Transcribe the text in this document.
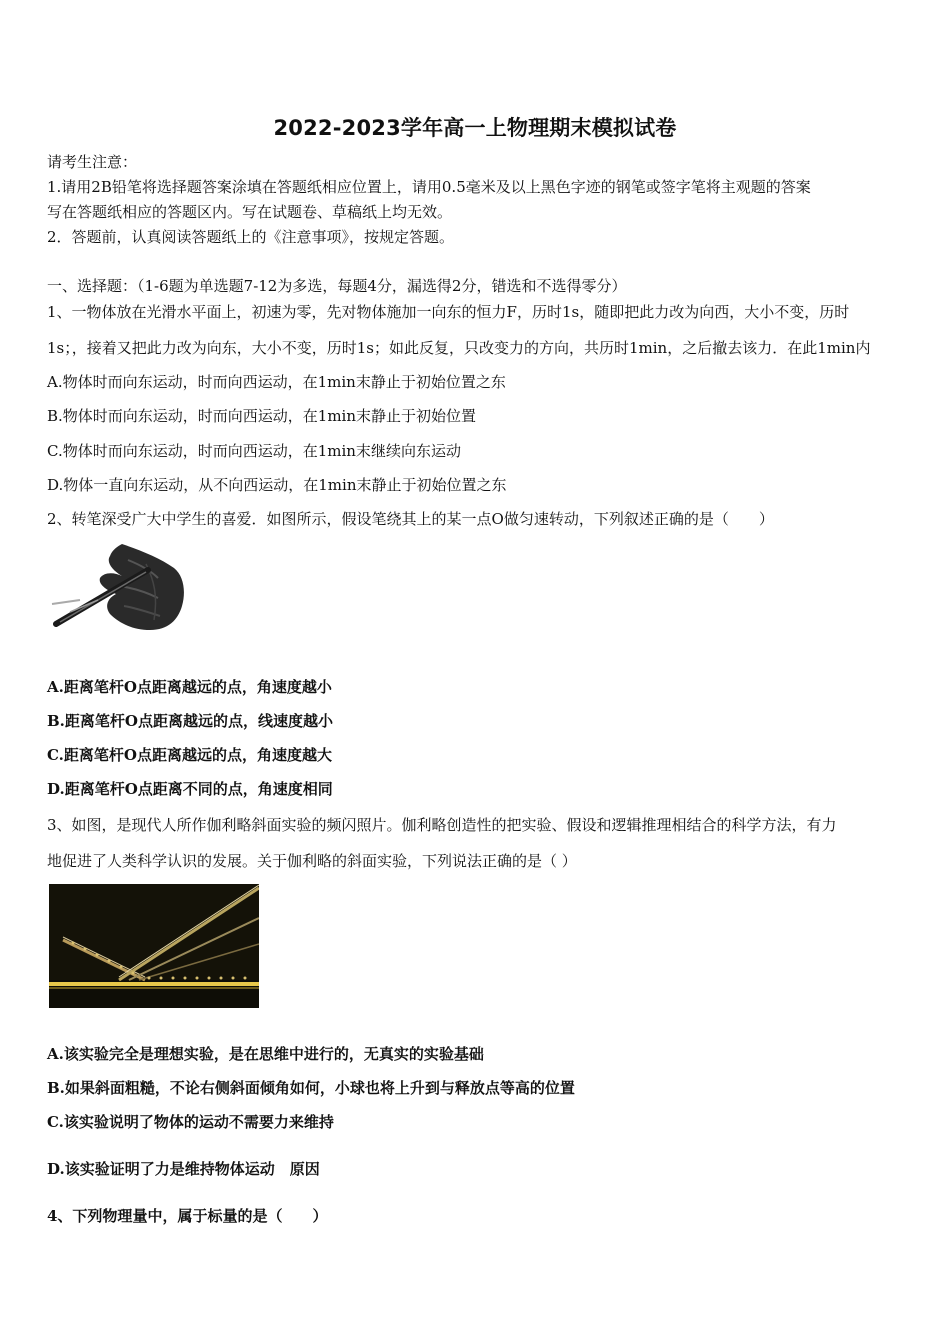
2022-2023学年高一上物理期末模拟试卷
请考生注意：
1.请用2B铅笔将选择题答案涂填在答题纸相应位置上，请用0.5毫米及以上黑色字迹的钢笔或签字笔将主观题的答案
写在答题纸相应的答题区内。写在试题卷、草稿纸上均无效。
2．答题前，认真阅读答题纸上的《注意事项》，按规定答题。
一、选择题：（1-6题为单选题7-12为多选，每题4分，漏选得2分，错选和不选得零分）
1、一物体放在光滑水平面上，初速为零，先对物体施加一向东的恒力F，历时1s，随即把此力改为向西，大小不变，历时
1s；，接着又把此力改为向东，大小不变，历时1s；如此反复，只改变力的方向，共历时1min，之后撤去该力．在此1min内
A.物体时而向东运动，时而向西运动，在1min末静止于初始位置之东
B.物体时而向东运动，时而向西运动，在1min末静止于初始位置
C.物体时而向东运动，时而向西运动，在1min末继续向东运动
D.物体一直向东运动，从不向西运动，在1min末静止于初始位置之东
2、转笔深受广大中学生的喜爱．如图所示，假设笔绕其上的某一点O做匀速转动，下列叙述正确的是（　　）
A.距离笔杆O点距离越远的点，角速度越小
B.距离笔杆O点距离越远的点，线速度越小
C.距离笔杆O点距离越远的点，角速度越大
D.距离笔杆O点距离不同的点，角速度相同
3、如图，是现代人所作伽利略斜面实验的频闪照片。伽利略创造性的把实验、假设和逻辑推理相结合的科学方法，有力
地促进了人类科学认识的发展。关于伽利略的斜面实验，下列说法正确的是（ ）
A.该实验完全是理想实验，是在思维中进行的，无真实的实验基础
B.如果斜面粗糙，不论右侧斜面倾角如何，小球也将上升到与释放点等高的位置
C.该实验说明了物体的运动不需要力来维持
D.该实验证明了力是维持物体运动　原因
4、下列物理量中，属于标量的是（　　）
